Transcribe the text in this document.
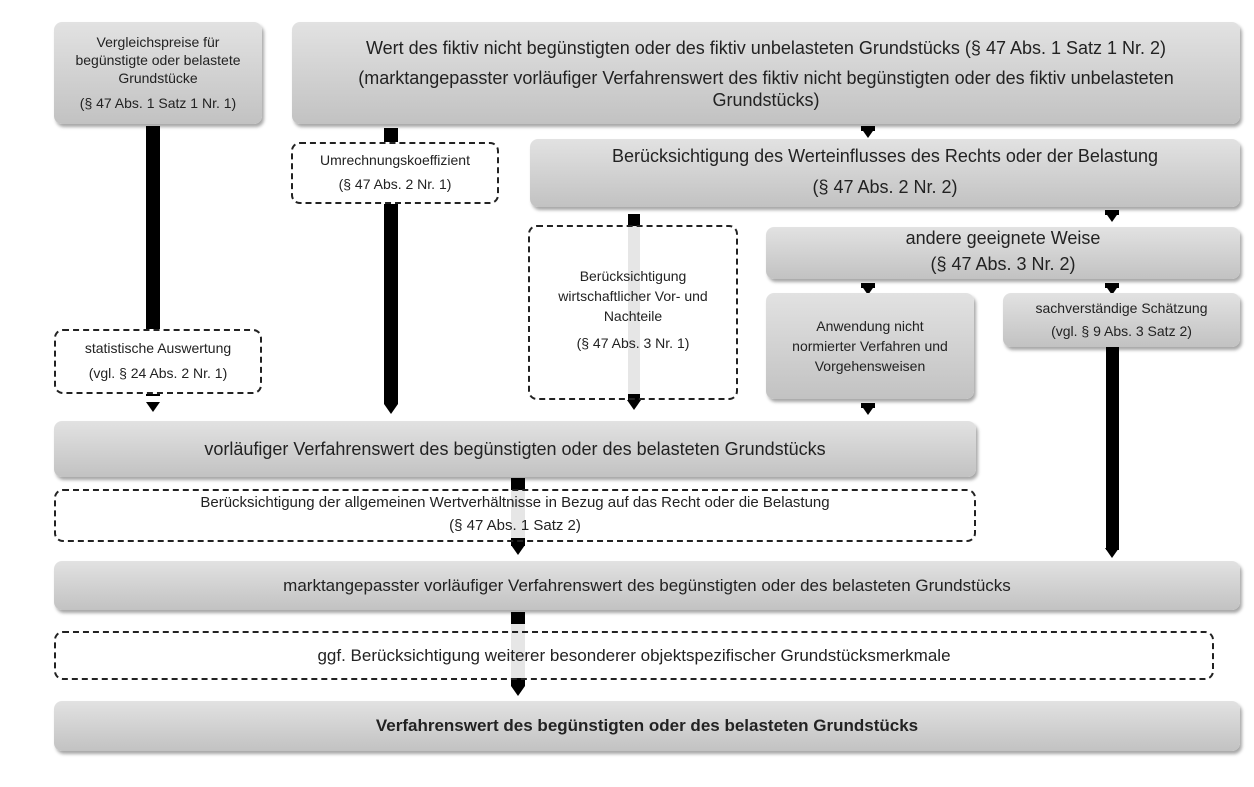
Vergleichspreise für
begünstigte oder belastete
Grundstücke
(§ 47 Abs. 1 Satz 1 Nr. 1)
Wert des fiktiv nicht begünstigten oder des fiktiv unbelasteten Grundstücks (§ 47 Abs. 1 Satz 1 Nr. 2)
(marktangepasster vorläufiger Verfahrenswert des fiktiv nicht begünstigten oder des fiktiv unbelasteten
Grundstücks)
Umrechnungskoeffizient
(§ 47 Abs. 2 Nr. 1)
Berücksichtigung des Werteinflusses des Rechts oder der Belastung
(§ 47 Abs. 2 Nr. 2)
andere geeignete Weise
(§ 47 Abs. 3 Nr. 2)
Berücksichtigung
wirtschaftlicher Vor- und
Nachteile
(§ 47 Abs. 3 Nr. 1)
Anwendung nicht
normierter Verfahren und
Vorgehensweisen
sachverständige Schätzung
(vgl. § 9 Abs. 3 Satz 2)
statistische Auswertung
(vgl. § 24 Abs. 2 Nr. 1)
vorläufiger Verfahrenswert des begünstigten oder des belasteten Grundstücks
Berücksichtigung der allgemeinen Wertverhältnisse in Bezug auf das Recht oder die Belastung
(§ 47 Abs. 1 Satz 2)
marktangepasster vorläufiger Verfahrenswert des begünstigten oder des belasteten Grundstücks
ggf. Berücksichtigung weiterer besonderer objektspezifischer Grundstücksmerkmale
Verfahrenswert des begünstigten oder des belasteten Grundstücks
